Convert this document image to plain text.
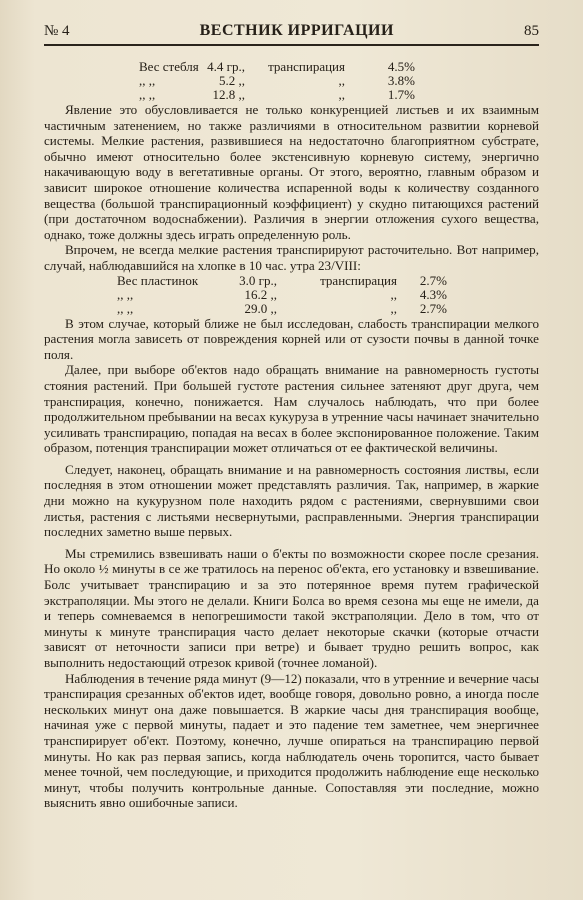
№ 4	ВЕСТНИК ИРРИГАЦИИ	85
Вес стебля 4.4 гр.,	транспирация	4.5%
,, ,,	5.2 ,,	,,	3.8%
,, ,,	12.8 ,,	,,	1.7%

Явление это обусловливается не только конкуренцией листьев и их взаимным частичным затенением, но также различиями в относительном развитии корневой системы. Мелкие растения, развившиеся на недостаточно благоприятном субстрате, обычно имеют относительно более экстенсивную корневую систему, энергично накачивающую воду в вегетативные органы. От этого, вероятно, главным образом и зависит широкое отношение количества испаренной воды к количеству созданного вещества (большой транспирационный коэффициент) у скудно питающихся растений (при достаточном водоснабжении). Различия в энергии отложения сухого вещества, однако, тоже должны здесь играть определенную роль.

Впрочем, не всегда мелкие растения транспирируют расточительно. Вот например, случай, наблюдавшийся на хлопке в 10 час. утра 23/VIII:

Вес пластинок	3.0 гр.,	транспирация	2.7%
,, ,,	16.2 ,,	,,	4.3%
,, ,,	29.0 ,,	,,	2.7%

В этом случае, который ближе не был исследован, слабость транспирации мелкого растения могла зависеть от повреждения корней или от сузости почвы в данной точке поля.

Далее, при выборе об'ектов надо обращать внимание на равномерность густоты стояния растений. При большей густоте растения сильнее затеняют друг друга, чем транспирация, конечно, понижается. Нам случалось наблюдать, что при более продолжительном пребывании на весах кукуруза в утренние часы начинает значительно усиливать транспирацию, попадая на весах в более экспонированное положение. Таким образом, потенция транспирации может отличаться от ее фактической величины.

Следует, наконец, обращать внимание и на равномерность состояния листвы, если последняя в этом отношении может представлять различия. Так, например, в жаркие дни можно на кукурузном поле находить рядом с растениями, свернувшими свои листья, растения с листьями несвернутыми, расправленными. Энергия транспирации последних заметно выше первых.

Мы стремились взвешивать наши о б'екты по возможности скорее после срезания. Но около ½ минуты в се же тратилось на перенос об'екта, его установку и взвешивание. Болс учитывает транспирацию и за это потерянное время путем графической экстраполяции. Мы этого не делали. Книги Болса во время сезона мы еще не имели, да и теперь сомневаемся в непогрешимости такой экстраполяции. Дело в том, что от минуты к минуте транспирация часто делает некоторые скачки (которые отчасти зависят от неточности записи при ветре) и бывает трудно решить вопрос, как выполнить недостающий отрезок кривой (точнее ломаной).

Наблюдения в течение ряда минут (9—12) показали, что в утренние и вечерние часы транспирация срезанных об'ектов идет, вообще говоря, довольно ровно, а иногда после нескольких минут она даже повышается. В жаркие часы дня транспирация вообще, начиная уже с первой минуты, падает и это падение тем заметнее, чем энергичнее транспирирует об'ект. Поэтому, конечно, лучше опираться на транспирацию первой минуты. Но как раз первая запись, когда наблюдатель очень торопится, часто бывает менее точной, чем последующие, и приходится продолжить наблюдение еще несколько минут, чтобы получить контрольные данные. Сопоставляя эти последние, можно выяснить явно ошибочные записи.
